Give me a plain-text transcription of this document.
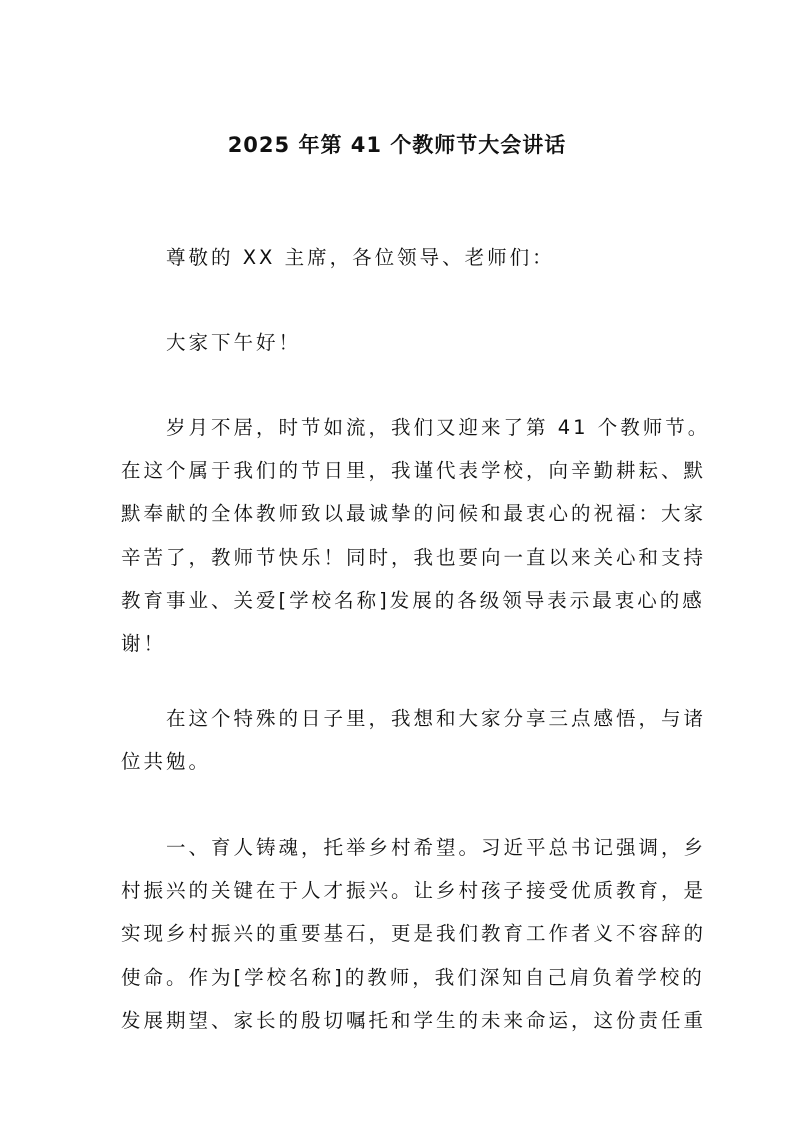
2025 年第 41 个教师节大会讲话
尊敬的 XX 主席，各位领导、老师们：
大家下午好！
岁月不居，时节如流，我们又迎来了第 41 个教师节。
在这个属于我们的节日里，我谨代表学校，向辛勤耕耘、默
默奉献的全体教师致以最诚挚的问候和最衷心的祝福：大家
辛苦了，教师节快乐！同时，我也要向一直以来关心和支持
教育事业、关爱[学校名称]发展的各级领导表示最衷心的感
谢！
在这个特殊的日子里，我想和大家分享三点感悟，与诸
位共勉。
一、育人铸魂，托举乡村希望。习近平总书记强调，乡
村振兴的关键在于人才振兴。让乡村孩子接受优质教育，是
实现乡村振兴的重要基石，更是我们教育工作者义不容辞的
使命。作为[学校名称]的教师，我们深知自己肩负着学校的
发展期望、家长的殷切嘱托和学生的未来命运，这份责任重
